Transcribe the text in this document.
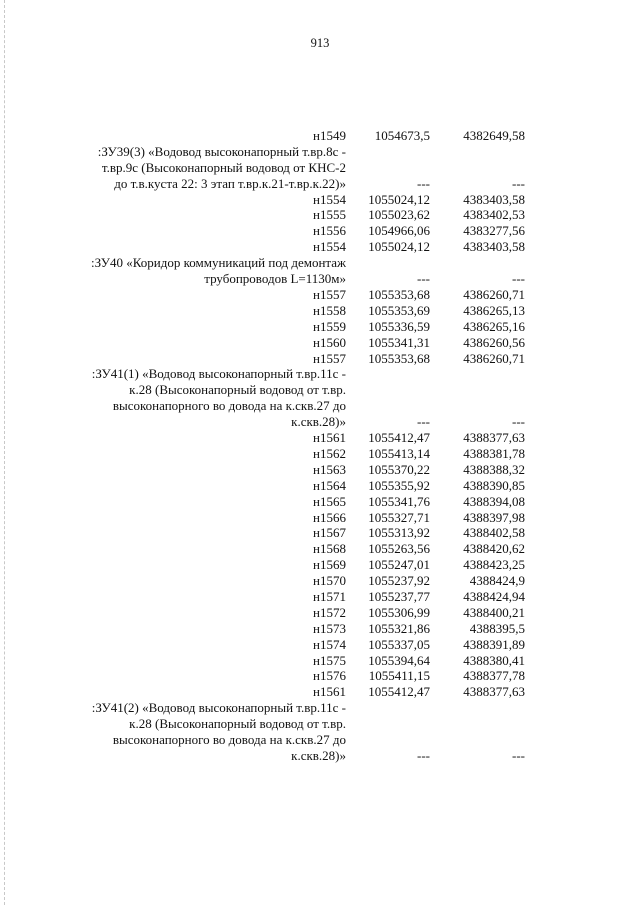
913
н1549	1054673,5	4382649,58
:ЗУ39(3) «Водовод высоконапорный т.вр.8с -
т.вр.9с (Высоконапорный водовод от КНС-2
до т.в.куста 22: 3 этап т.вр.к.21-т.вр.к.22)»	---	---
н1554	1055024,12	4383403,58
н1555	1055023,62	4383402,53
н1556	1054966,06	4383277,56
н1554	1055024,12	4383403,58
:ЗУ40 «Коридор коммуникаций под демонтаж
трубопроводов L=1130м»	---	---
н1557	1055353,68	4386260,71
н1558	1055353,69	4386265,13
н1559	1055336,59	4386265,16
н1560	1055341,31	4386260,56
н1557	1055353,68	4386260,71
:ЗУ41(1) «Водовод высоконапорный т.вр.11с -
к.28 (Высоконапорный водовод от т.вр.
высоконапорного во довода на к.скв.27 до
к.скв.28)»	---	---
н1561	1055412,47	4388377,63
н1562	1055413,14	4388381,78
н1563	1055370,22	4388388,32
н1564	1055355,92	4388390,85
н1565	1055341,76	4388394,08
н1566	1055327,71	4388397,98
н1567	1055313,92	4388402,58
н1568	1055263,56	4388420,62
н1569	1055247,01	4388423,25
н1570	1055237,92	4388424,9
н1571	1055237,77	4388424,94
н1572	1055306,99	4388400,21
н1573	1055321,86	4388395,5
н1574	1055337,05	4388391,89
н1575	1055394,64	4388380,41
н1576	1055411,15	4388377,78
н1561	1055412,47	4388377,63
:ЗУ41(2) «Водовод высоконапорный т.вр.11с -
к.28 (Высоконапорный водовод от т.вр.
высоконапорного во довода на к.скв.27 до
к.скв.28)»	---	---
